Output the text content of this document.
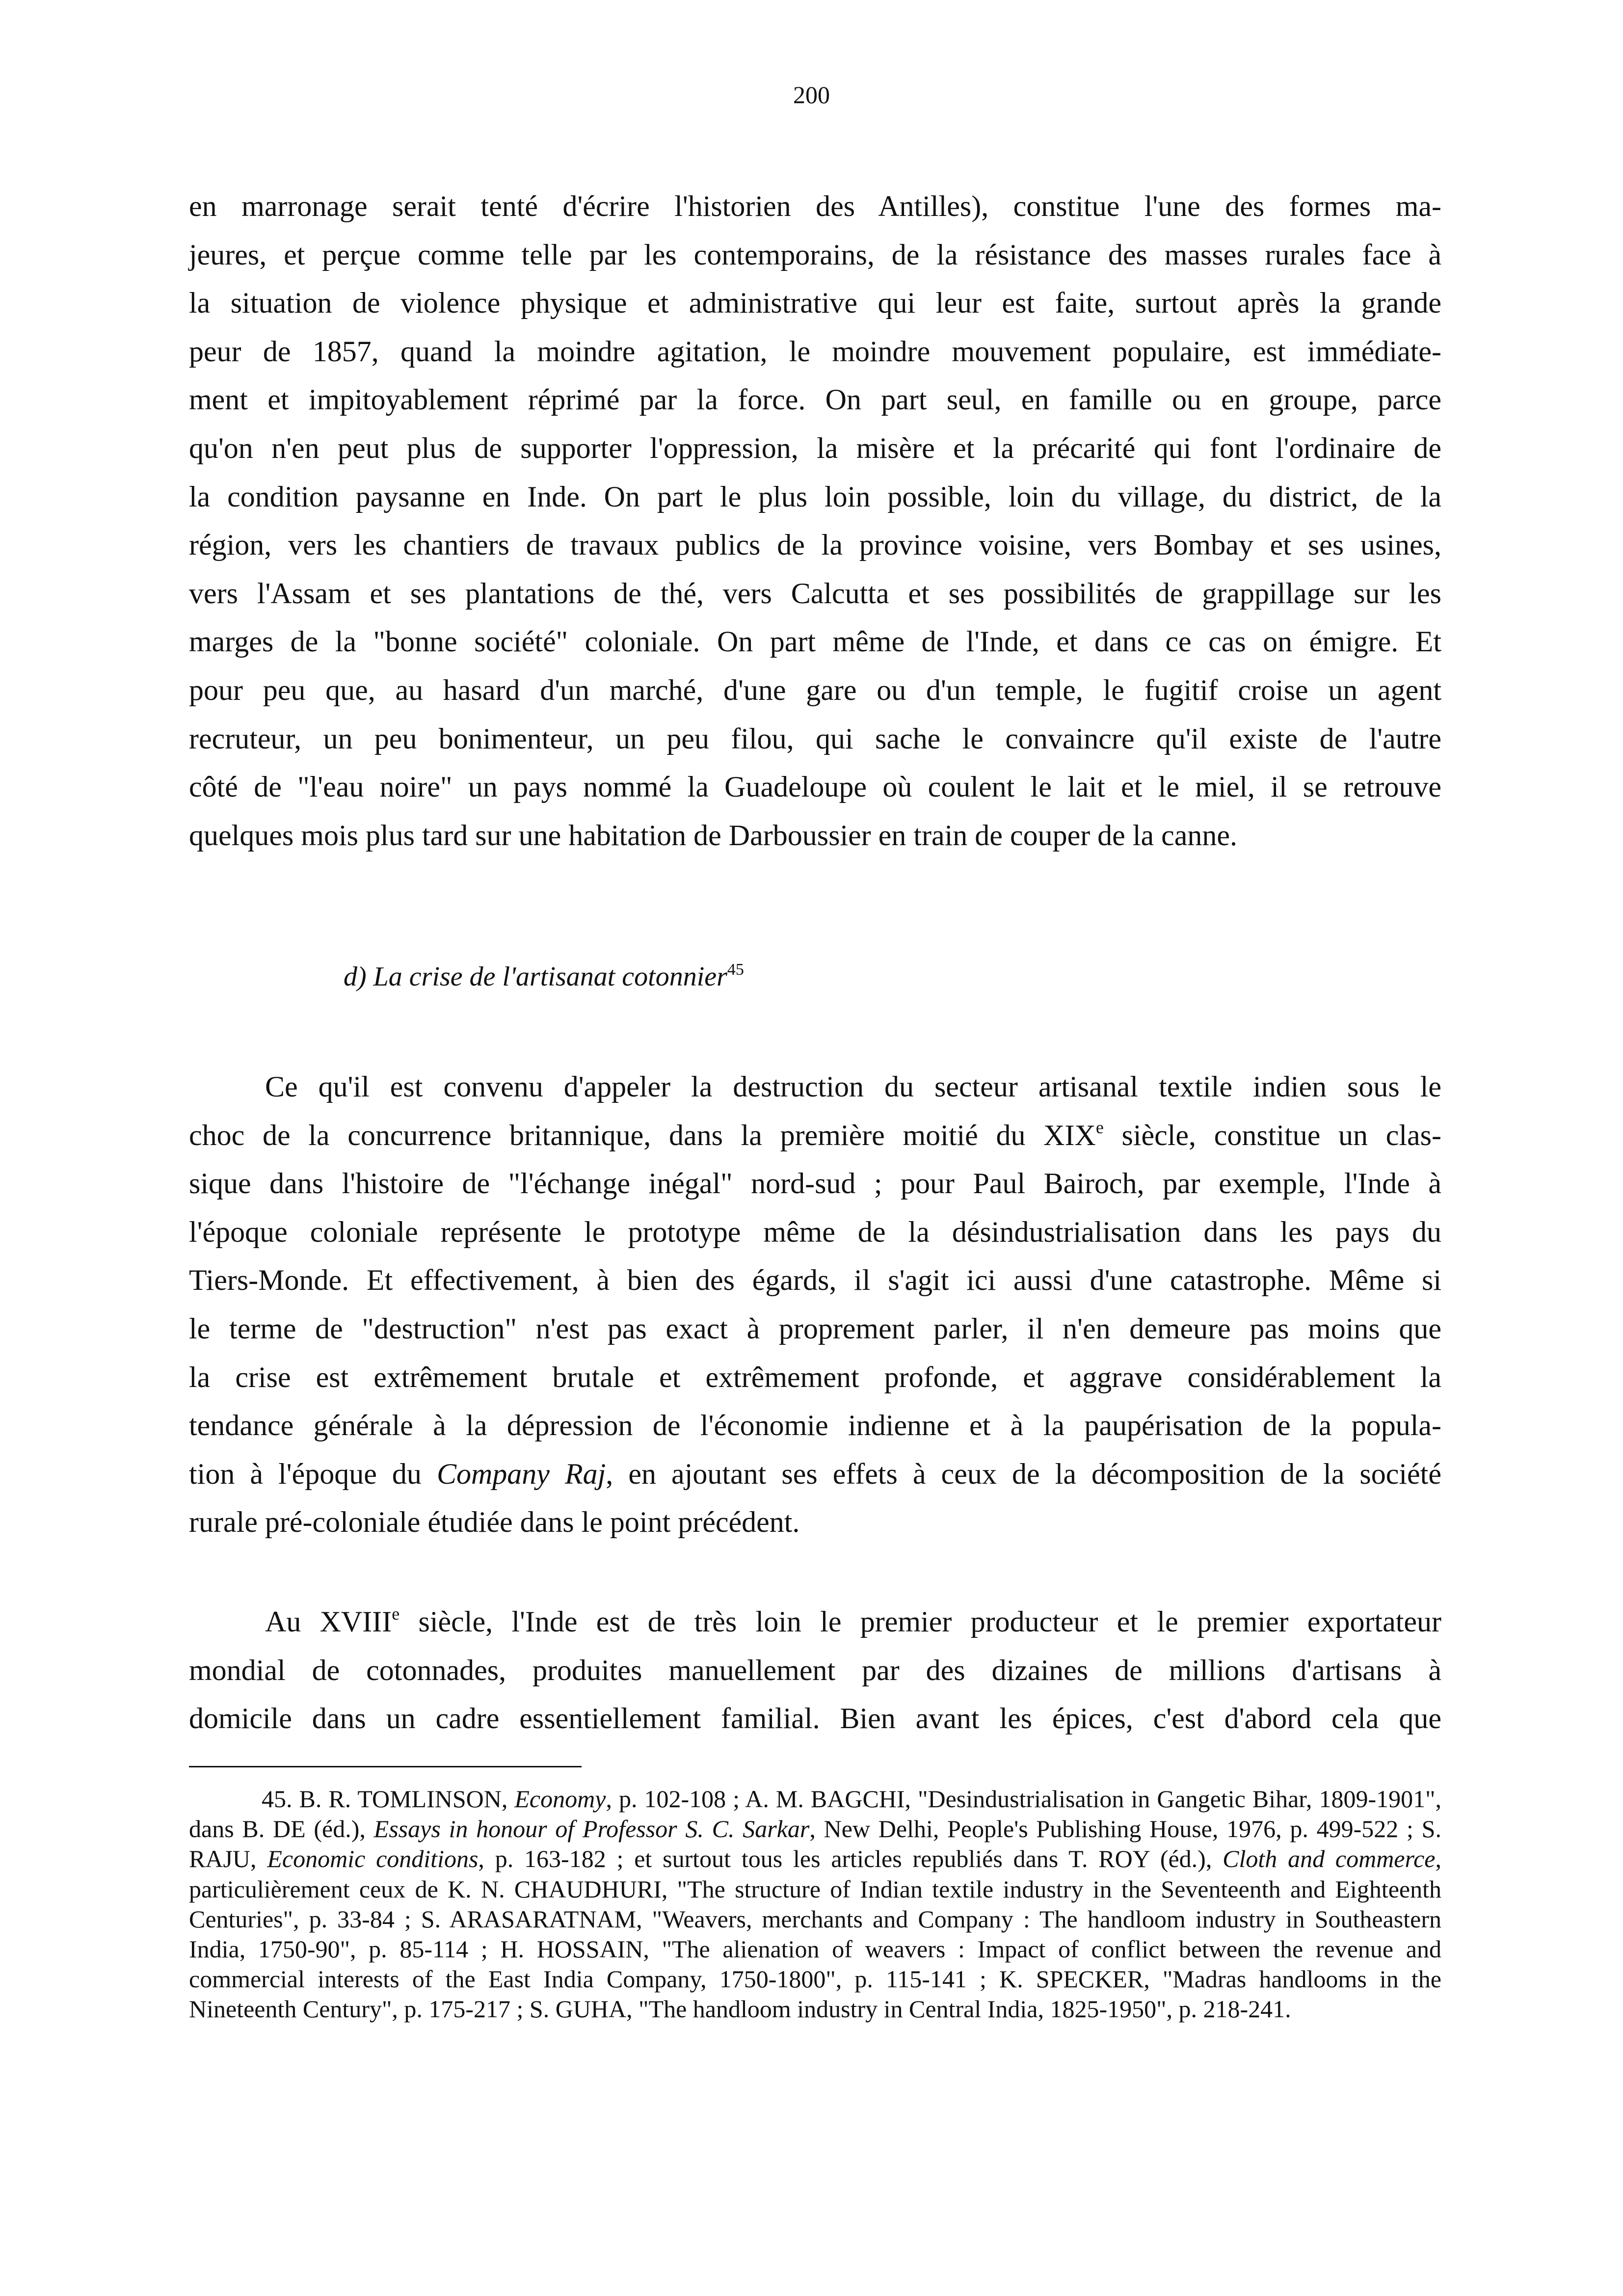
200

en marronage serait tenté d'écrire l'historien des Antilles), constitue l'une des formes ma-

jeures, et perçue comme telle par les contemporains, de la résistance des masses rurales face à

la situation de violence physique et administrative qui leur est faite, surtout après la grande

peur de 1857, quand la moindre agitation, le moindre mouvement populaire, est immédiate-

ment et impitoyablement réprimé par la force. On part seul, en famille ou en groupe, parce

qu'on n'en peut plus de supporter l'oppression, la misère et la précarité qui font l'ordinaire de

la condition paysanne en Inde. On part le plus loin possible, loin du village, du district, de la

région, vers les chantiers de travaux publics de la province voisine, vers Bombay et ses usines,

vers l'Assam et ses plantations de thé, vers Calcutta et ses possibilités de grappillage sur les

marges de la "bonne société" coloniale. On part même de l'Inde, et dans ce cas on émigre. Et

pour peu que, au hasard d'un marché, d'une gare ou d'un temple, le fugitif croise un agent

recruteur, un peu bonimenteur, un peu filou, qui sache le convaincre qu'il existe de l'autre

côté de "l'eau noire" un pays nommé la Guadeloupe où coulent le lait et le miel, il se retrouve

quelques mois plus tard sur une habitation de Darboussier en train de couper de la canne.

d) La crise de l'artisanat cotonnier$^{45}$

Ce qu'il est convenu d'appeler la destruction du secteur artisanal textile indien sous le

choc de la concurrence britannique, dans la première moitié du XIXe siècle, constitue un clas-

sique dans l'histoire de "l'échange inégal" nord-sud ; pour Paul Bairoch, par exemple, l'Inde à

l'époque coloniale représente le prototype même de la désindustrialisation dans les pays du

Tiers-Monde. Et effectivement, à bien des égards, il s'agit ici aussi d'une catastrophe. Même si

le terme de "destruction" n'est pas exact à proprement parler, il n'en demeure pas moins que

la crise est extrêmement brutale et extrêmement profonde, et aggrave considérablement la

tendance générale à la dépression de l'économie indienne et à la paupérisation de la popula-

tion à l'époque du Company Raj, en ajoutant ses effets à ceux de la décomposition de la société

rurale pré-coloniale étudiée dans le point précédent.

Au XVIIIe siècle, l'Inde est de très loin le premier producteur et le premier exportateur

mondial de cotonnades, produites manuellement par des dizaines de millions d'artisans à

domicile dans un cadre essentiellement familial. Bien avant les épices, c'est d'abord cela que

45. B. R. TOMLINSON, Economy, p. 102-108 ; A. M. BAGCHI, "Desindustrialisation in Gangetic Bihar, 1809-1901", dans B. DE (éd.), Essays in honour of Professor S. C. Sarkar, New Delhi, People's Publishing House, 1976, p. 499-522 ; S. RAJU, Economic conditions, p. 163-182 ; et surtout tous les articles republiés dans T. ROY (éd.), Cloth and commerce, particulièrement ceux de K. N. CHAUDHURI, "The structure of Indian textile industry in the Seventeenth and Eighteenth Centuries", p. 33-84 ; S. ARASARATNAM, "Weavers, merchants and Company : The handloom industry in Southeastern India, 1750-90", p. 85-114 ; H. HOSSAIN, "The alienation of weavers : Impact of conflict between the revenue and commercial interests of the East India Company, 1750-1800", p. 115-141 ; K. SPECKER, "Madras handlooms in the Nineteenth Century", p. 175-217 ; S. GUHA, "The handloom industry in Central India, 1825-1950", p. 218-241.
